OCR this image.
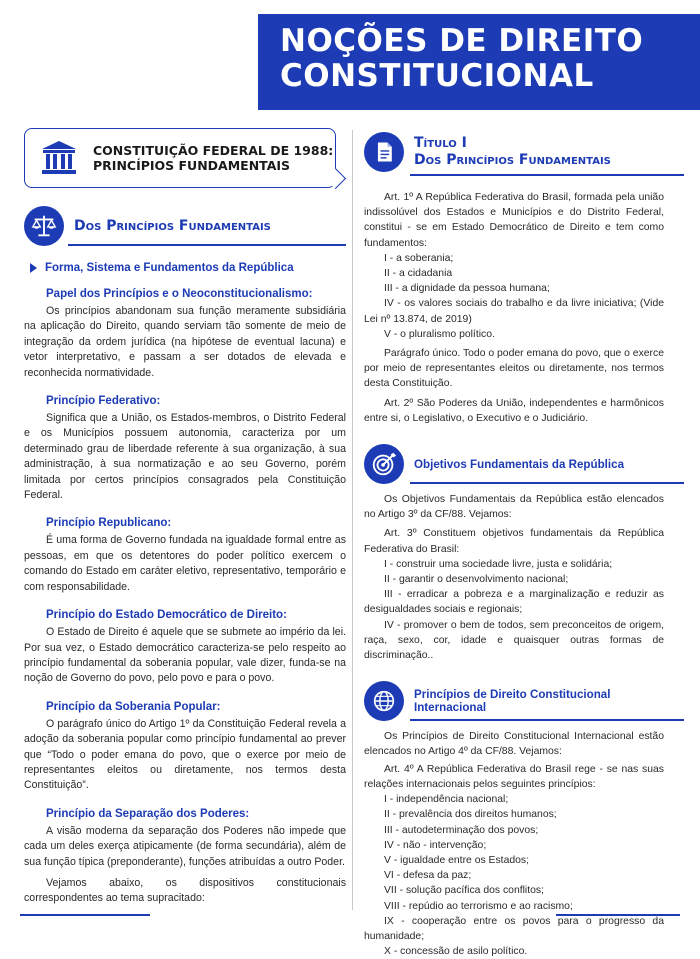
NOÇÕES DE DIREITO
CONSTITUCIONAL
CONSTITUIÇÃO FEDERAL DE 1988:
PRINCÍPIOS FUNDAMENTAIS
Dos Princípios Fundamentais
Forma, Sistema e Fundamentos da República
Papel dos Princípios e o Neoconstitucionalismo:
Os princípios abandonam sua função meramente subsidiária na aplicação do Direito, quando serviam tão somente de meio de integração da ordem jurídica (na hipótese de eventual lacuna) e vetor interpretativo, e passam a ser dotados de elevada e reconhecida normatividade.
Princípio Federativo:
Significa que a União, os Estados-membros, o Distrito Federal e os Municípios possuem autonomia, caracteriza por um determinado grau de liberdade referente à sua organização, à sua administração, à sua normatização e ao seu Governo, porém limitada por certos princípios consagrados pela Constituição Federal.
Princípio Republicano:
É uma forma de Governo fundada na igualdade formal entre as pessoas, em que os detentores do poder político exercem o comando do Estado em caráter eletivo, representativo, temporário e com responsabilidade.
Princípio do Estado Democrático de Direito:
O Estado de Direito é aquele que se submete ao império da lei. Por sua vez, o Estado democrático caracteriza-se pelo respeito ao princípio fundamental da soberania popular, vale dizer, funda-se na noção de Governo do povo, pelo povo e para o povo.
Princípio da Soberania Popular:
O parágrafo único do Artigo 1º da Constituição Federal revela a adoção da soberania popular como princípio fundamental ao prever que “Todo o poder emana do povo, que o exerce por meio de representantes eleitos ou diretamente, nos termos desta Constituição”.
Princípio da Separação dos Poderes:
A visão moderna da separação dos Poderes não impede que cada um deles exerça atipicamente (de forma secundária), além de sua função típica (preponderante), funções atribuídas a outro Poder.
Vejamos abaixo, os dispositivos constitucionais correspondentes ao tema supracitado:
Título I
Dos Princípios Fundamentais
Art. 1º A República Federativa do Brasil, formada pela união indissolúvel dos Estados e Municípios e do Distrito Federal, constitui - se em Estado Democrático de Direito e tem como fundamentos:
I - a soberania;
II - a cidadania
III - a dignidade da pessoa humana;
IV - os valores sociais do trabalho e da livre iniciativa; (Vide Lei nº 13.874, de 2019)
V - o pluralismo político.
Parágrafo único. Todo o poder emana do povo, que o exerce por meio de representantes eleitos ou diretamente, nos termos desta Constituição.
Art. 2º São Poderes da União, independentes e harmônicos entre si, o Legislativo, o Executivo e o Judiciário.
Objetivos Fundamentais da República
Os Objetivos Fundamentais da República estão elencados no Artigo 3º da CF/88. Vejamos:
Art. 3º Constituem objetivos fundamentais da República Federativa do Brasil:
I - construir uma sociedade livre, justa e solidária;
II - garantir o desenvolvimento nacional;
III - erradicar a pobreza e a marginalização e reduzir as desigualdades sociais e regionais;
IV - promover o bem de todos, sem preconceitos de origem, raça, sexo, cor, idade e quaisquer outras formas de discriminação..
Princípios de Direito Constitucional Internacional
Os Princípios de Direito Constitucional Internacional estão elencados no Artigo 4º da CF/88. Vejamos:
Art. 4º A República Federativa do Brasil rege - se nas suas relações internacionais pelos seguintes princípios:
I - independência nacional;
II - prevalência dos direitos humanos;
III - autodeterminação dos povos;
IV - não - intervenção;
V - igualdade entre os Estados;
VI - defesa da paz;
VII - solução pacífica dos conflitos;
VIII - repúdio ao terrorismo e ao racismo;
IX - cooperação entre os povos para o progresso da humanidade;
X - concessão de asilo político.
